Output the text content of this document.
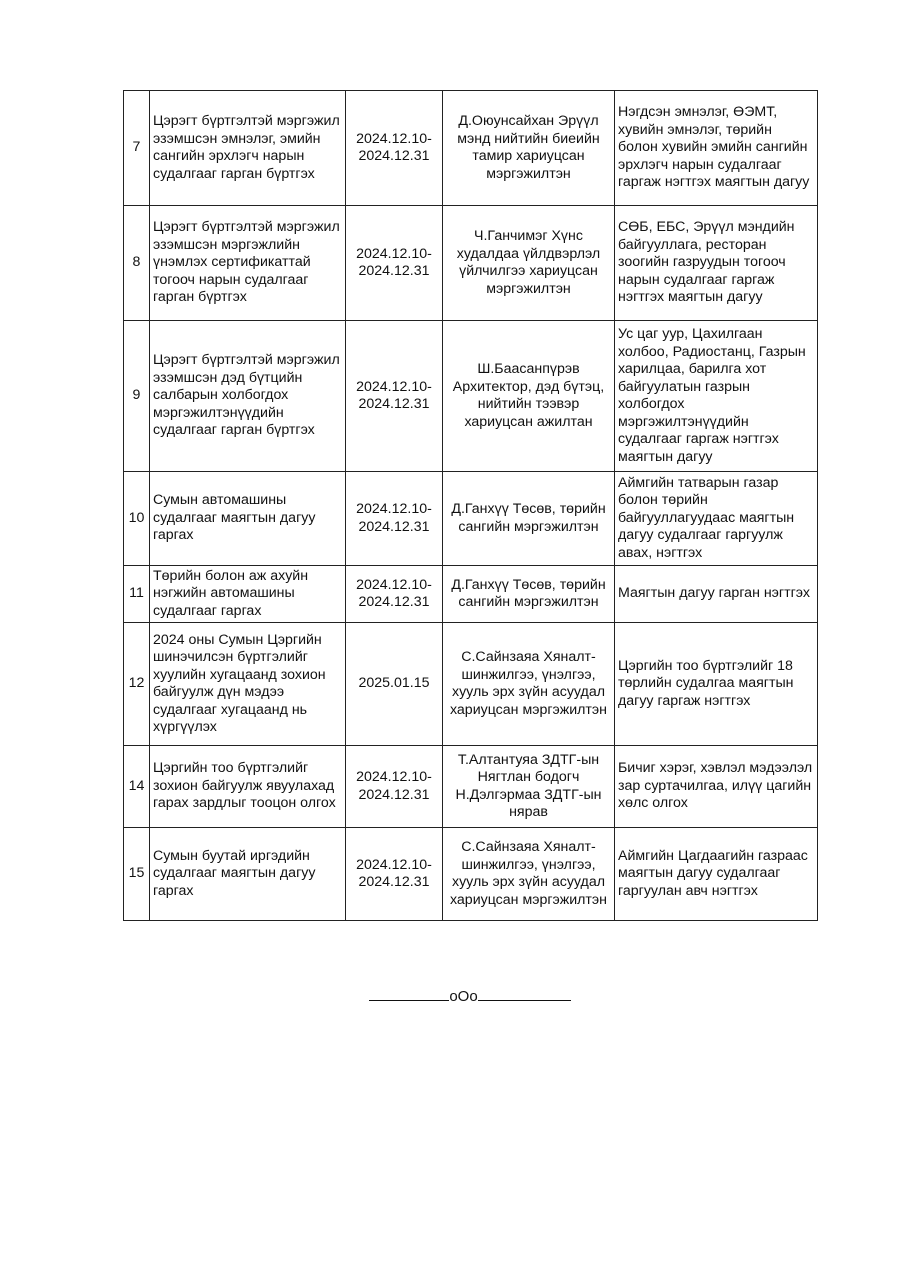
7	Цэрэгт бүртгэлтэй мэргэжил эзэмшсэн эмнэлэг, эмийн сангийн эрхлэгч нарын судалгааг гарган бүртгэх	2024.12.10-2024.12.31	Д.Оюунсайхан Эрүүл мэнд нийтийн биеийн тамир хариуцсан мэргэжилтэн	Нэгдсэн эмнэлэг, ӨЭМТ, хувийн эмнэлэг, төрийн болон хувийн эмийн сангийн эрхлэгч нарын судалгааг гаргаж нэгтгэх маягтын дагуу
8	Цэрэгт бүртгэлтэй мэргэжил эзэмшсэн мэргэжлийн үнэмлэх сертификаттай тогооч нарын судалгааг гарган бүртгэх	2024.12.10-2024.12.31	Ч.Ганчимэг Хүнс худалдаа үйлдвэрлэл үйлчилгээ хариуцсан мэргэжилтэн	СӨБ, ЕБС, Эрүүл мэндийн байгууллага, ресторан зоогийн газруудын тогооч нарын судалгааг гаргаж нэгтгэх маягтын дагуу
9	Цэрэгт бүртгэлтэй мэргэжил эзэмшсэн дэд бүтцийн салбарын холбогдох мэргэжилтэнүүдийн судалгааг гарган бүртгэх	2024.12.10-2024.12.31	Ш.Баасанпүрэв Архитектор, дэд бүтэц, нийтийн тээвэр хариуцсан ажилтан	Ус цаг уур, Цахилгаан холбоо, Радиостанц, Газрын харилцаа, барилга хот байгуулатын газрын холбогдох мэргэжилтэнүүдийн судалгааг гаргаж нэгтгэх маягтын дагуу
10	Сумын автомашины судалгааг маягтын дагуу гаргах	2024.12.10-2024.12.31	Д.Ганхүү Төсөв, төрийн сангийн мэргэжилтэн	Аймгийн татварын газар болон төрийн байгууллагуудаас маягтын дагуу судалгааг гаргуулж авах, нэгтгэх
11	Төрийн болон аж ахуйн нэгжийн автомашины судалгааг гаргах	2024.12.10-2024.12.31	Д.Ганхүү Төсөв, төрийн сангийн мэргэжилтэн	Маягтын дагуу гарган нэгтгэх
12	2024 оны Сумын Цэргийн шинэчилсэн бүртгэлийг хуулийн хугацаанд зохион байгуулж дүн мэдээ судалгааг хугацаанд нь хүргүүлэх	2025.01.15	С.Сайнзаяа Хяналт-шинжилгээ, үнэлгээ, хууль эрх зүйн асуудал хариуцсан мэргэжилтэн	Цэргийн тоо бүртгэлийг 18 төрлийн судалгаа маягтын дагуу гаргаж нэгтгэх
14	Цэргийн тоо бүртгэлийг зохион байгуулж явуулахад гарах зардлыг тооцон олгох	2024.12.10-2024.12.31	Т.Алтантуяа ЗДТГ-ын Нягтлан бодогч Н.Дэлгэрмаа ЗДТГ-ын нярав	Бичиг хэрэг, хэвлэл мэдээлэл зар суртачилгаа, илүү цагийн хөлс олгох
15	Сумын буутай иргэдийн судалгааг маягтын дагуу гаргах	2024.12.10-2024.12.31	С.Сайнзаяа Хяналт-шинжилгээ, үнэлгээ, хууль эрх зүйн асуудал хариуцсан мэргэжилтэн	Аймгийн Цагдаагийн газраас маягтын дагуу судалгааг гаргуулан авч нэгтгэх
оОо
